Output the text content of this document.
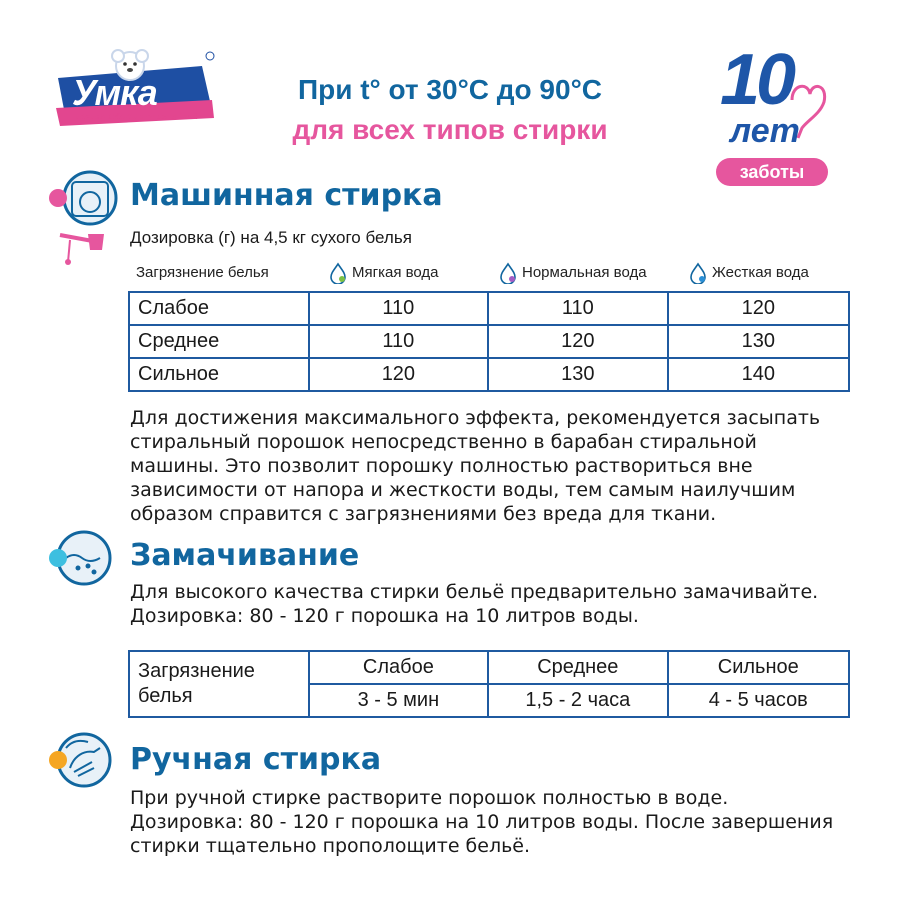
Умка
нежная забота с первых дней
При t° от 30°C до 90°C
для всех типов стирки
10
лет
заботы
Машинная стирка
Дозировка (г) на 4,5 кг сухого белья
Загрязнение белья	Мягкая вода	Нормальная вода	Жесткая вода
Слабое	110	110	120
Среднее	110	120	130
Сильное	120	130	140
Для достижения максимального эффекта, рекомендуется засыпать
стиральный порошок непосредственно в барабан стиральной
машины. Это позволит порошку полностью раствориться вне
зависимости от напора и жесткости воды, тем самым наилучшим
образом справится с загрязнениями без вреда для ткани.
Замачивание
Для высокого качества стирки бельё предварительно замачивайте.
Дозировка: 80 - 120 г порошка на 10 литров воды.
Загрязнение
белья	Слабое	Среднее	Сильное
	3 - 5 мин	1,5 - 2 часа	4 - 5 часов
Ручная стирка
При ручной стирке растворите порошок полностью в воде.
Дозировка: 80 - 120 г порошка на 10 литров воды. После завершения
стирки тщательно прополощите бельё.
